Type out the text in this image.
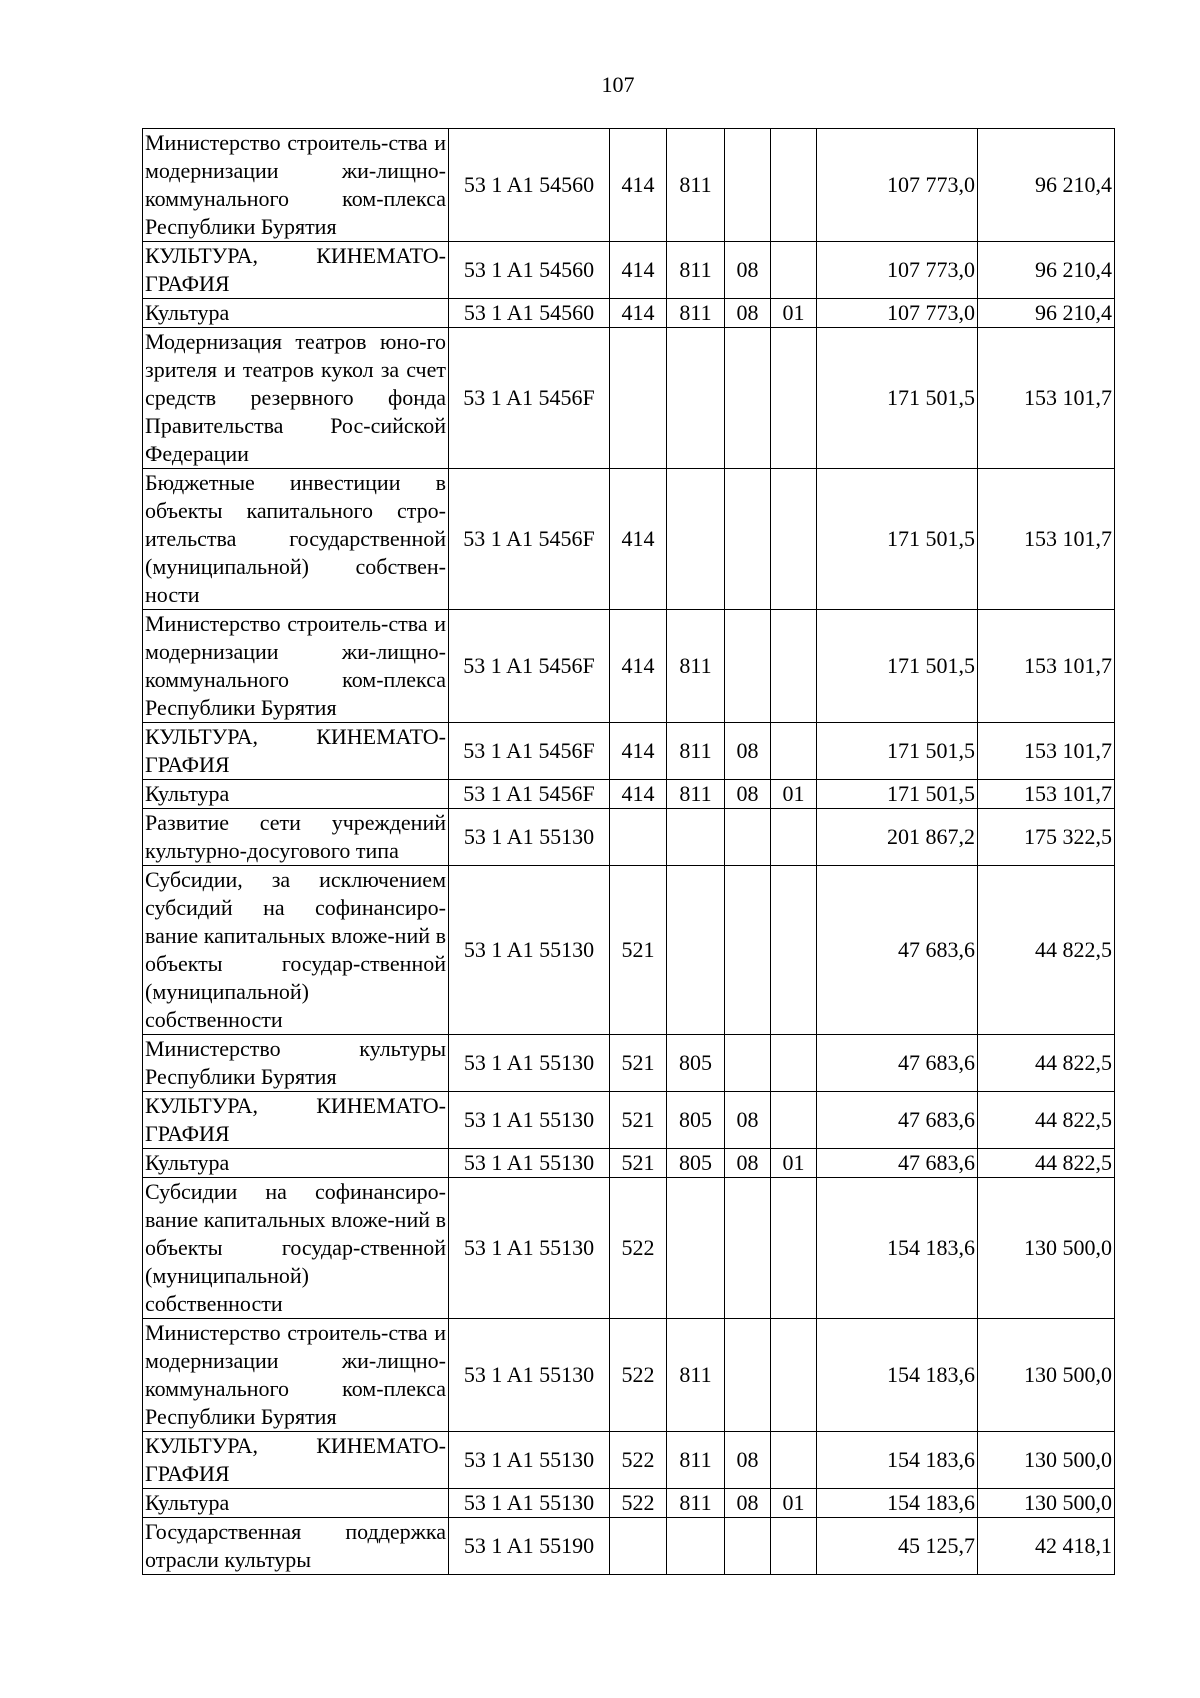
107
Министерство строитель-ства и модернизации жи-лищно-коммунального ком-плекса Республики Бурятия	53 1 A1 54560	414	811			107 773,0	96 210,4
КУЛЬТУРА, КИНЕМАТО-ГРАФИЯ	53 1 A1 54560	414	811	08		107 773,0	96 210,4
Культура	53 1 A1 54560	414	811	08	01	107 773,0	96 210,4
Модернизация театров юно-го зрителя и театров кукол за счет средств резервного фонда Правительства Рос-сийской Федерации	53 1 A1 5456F					171 501,5	153 101,7
Бюджетные инвестиции в объекты капитального стро-ительства государственной (муниципальной) собствен-ности	53 1 A1 5456F	414				171 501,5	153 101,7
Министерство строитель-ства и модернизации жи-лищно-коммунального ком-плекса Республики Бурятия	53 1 A1 5456F	414	811			171 501,5	153 101,7
КУЛЬТУРА, КИНЕМАТО-ГРАФИЯ	53 1 A1 5456F	414	811	08		171 501,5	153 101,7
Культура	53 1 A1 5456F	414	811	08	01	171 501,5	153 101,7
Развитие сети учреждений культурно-досугового типа	53 1 A1 55130					201 867,2	175 322,5
Субсидии, за исключением субсидий на софинансиро-вание капитальных вложе-ний в объекты государ-ственной (муниципальной) собственности	53 1 A1 55130	521				47 683,6	44 822,5
Министерство культуры Республики Бурятия	53 1 A1 55130	521	805			47 683,6	44 822,5
КУЛЬТУРА, КИНЕМАТО-ГРАФИЯ	53 1 A1 55130	521	805	08		47 683,6	44 822,5
Культура	53 1 A1 55130	521	805	08	01	47 683,6	44 822,5
Субсидии на софинансиро-вание капитальных вложе-ний в объекты государ-ственной (муниципальной) собственности	53 1 A1 55130	522				154 183,6	130 500,0
Министерство строитель-ства и модернизации жи-лищно-коммунального ком-плекса Республики Бурятия	53 1 A1 55130	522	811			154 183,6	130 500,0
КУЛЬТУРА, КИНЕМАТО-ГРАФИЯ	53 1 A1 55130	522	811	08		154 183,6	130 500,0
Культура	53 1 A1 55130	522	811	08	01	154 183,6	130 500,0
Государственная поддержка отрасли культуры	53 1 A1 55190					45 125,7	42 418,1
